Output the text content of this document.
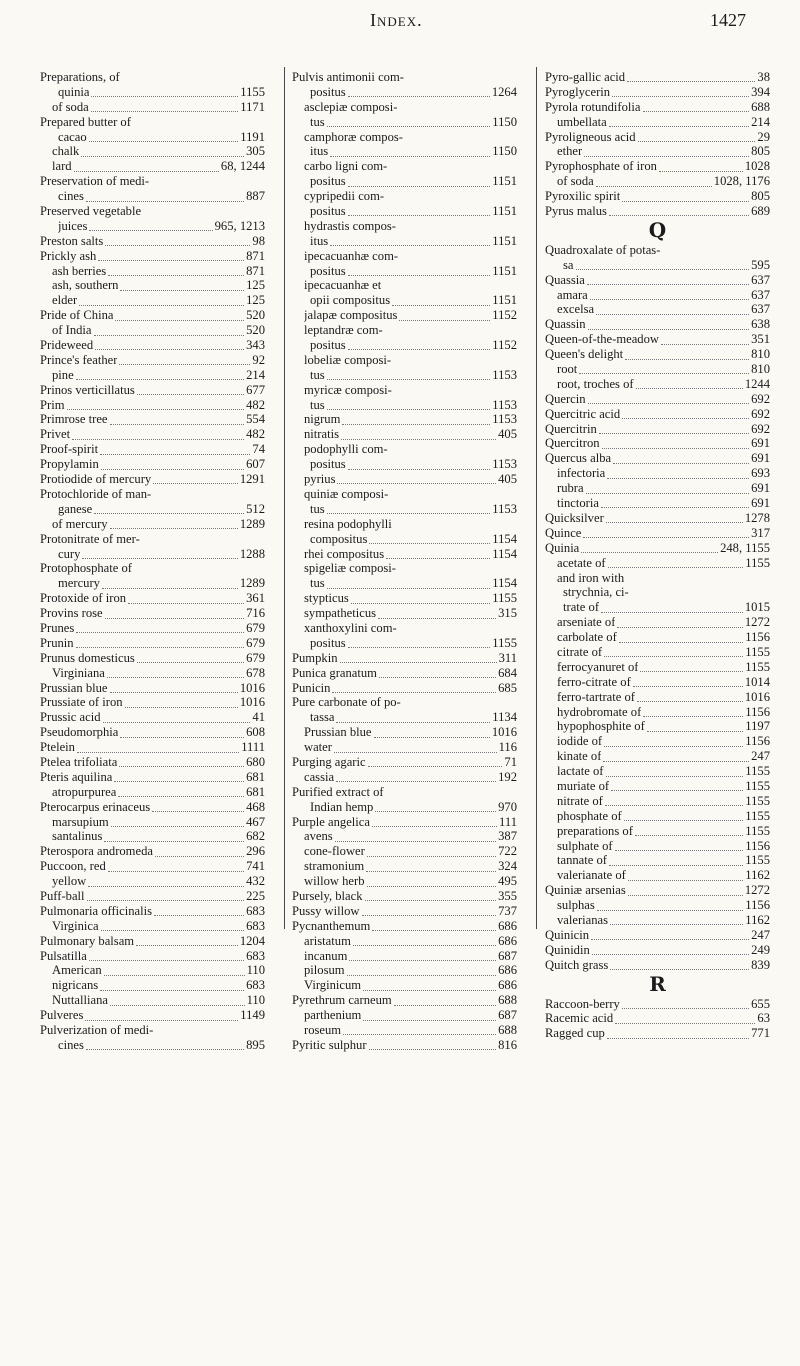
Index.	1427
Preparations, of
quinia	1155
of soda	1171
Prepared butter of
cacao	1191
chalk	305
lard	68, 1244
Preservation of medi-
cines	887
Preserved vegetable
juices	965, 1213
Preston salts	98
Prickly ash	871
ash berries	871
ash, southern	125
elder	125
Pride of China	520
of India	520
Prideweed	343
Prince's feather	92
pine	214
Prinos verticillatus	677
Prim	482
Primrose tree	554
Privet	482
Proof-spirit	74
Propylamin	607
Protiodide of mercury	1291
Protochloride of man-
ganese	512
of mercury	1289
Protonitrate of mer-
cury	1288
Protophosphate of
mercury	1289
Protoxide of iron	361
Provins rose	716
Prunes	679
Prunin	679
Prunus domesticus	679
Virginiana	678
Prussian blue	1016
Prussiate of iron	1016
Prussic acid	41
Pseudomorphia	608
Ptelein	1111
Ptelea trifoliata	680
Pteris aquilina	681
atropurpurea	681
Pterocarpus erinaceus	468
marsupium	467
santalinus	682
Pterospora andromeda	296
Puccoon, red	741
yellow	432
Puff-ball	225
Pulmonaria officinalis	683
Virginica	683
Pulmonary balsam	1204
Pulsatilla	683
American	110
nigricans	683
Nuttalliana	110
Pulveres	1149
Pulverization of medi-
cines	895
Pulvis antimonii com-
positus	1264
asclepiæ composi-
tus	1150
camphoræ compos-
itus	1150
carbo ligni com-
positus	1151
cypripedii com-
positus	1151
hydrastis compos-
itus	1151
ipecacuanhæ com-
positus	1151
ipecacuanhæ et
opii compositus	1151
jalapæ compositus	1152
leptandræ com-
positus	1152
lobeliæ composi-
tus	1153
myricæ composi-
tus	1153
nigrum	1153
nitratis	405
podophylli com-
positus	1153
pyrius	405
quiniæ composi-
tus	1153
resina podophylli
compositus	1154
rhei compositus	1154
spigeliæ composi-
tus	1154
stypticus	1155
sympatheticus	315
xanthoxylini com-
positus	1155
Pumpkin	311
Punica granatum	684
Punicin	685
Pure carbonate of po-
tassa	1134
Prussian blue	1016
water	116
Purging agaric	71
cassia	192
Purified extract of
Indian hemp	970
Purple angelica	111
avens	387
cone-flower	722
stramonium	324
willow herb	495
Pursely, black	355
Pussy willow	737
Pycnanthemum	686
aristatum	686
incanum	687
pilosum	686
Virginicum	686
Pyrethrum carneum	688
parthenium	687
roseum	688
Pyritic sulphur	816
Pyro-gallic acid	38
Pyroglycerin	394
Pyrola rotundifolia	688
umbellata	214
Pyroligneous acid	29
ether	805
Pyrophosphate of iron	1028
of soda	1028, 1176
Pyroxilic spirit	805
Pyrus malus	689
Q
Quadroxalate of potas-
sa	595
Quassia	637
amara	637
excelsa	637
Quassin	638
Queen-of-the-meadow	351
Queen's delight	810
root	810
root, troches of	1244
Quercin	692
Quercitric acid	692
Quercitrin	692
Quercitron	691
Quercus alba	691
infectoria	693
rubra	691
tinctoria	691
Quicksilver	1278
Quince	317
Quinia	248, 1155
acetate of	1155
and iron with
strychnia, ci-
trate of	1015
arseniate of	1272
carbolate of	1156
citrate of	1155
ferrocyanuret of	1155
ferro-citrate of	1014
ferro-tartrate of	1016
hydrobromate of	1156
hypophosphite of	1197
iodide of	1156
kinate of	247
lactate of	1155
muriate of	1155
nitrate of	1155
phosphate of	1155
preparations of	1155
sulphate of	1156
tannate of	1155
valerianate of	1162
Quiniæ arsenias	1272
sulphas	1156
valerianas	1162
Quinicin	247
Quinidin	249
Quitch grass	839
R
Raccoon-berry	655
Racemic acid	63
Ragged cup	771
